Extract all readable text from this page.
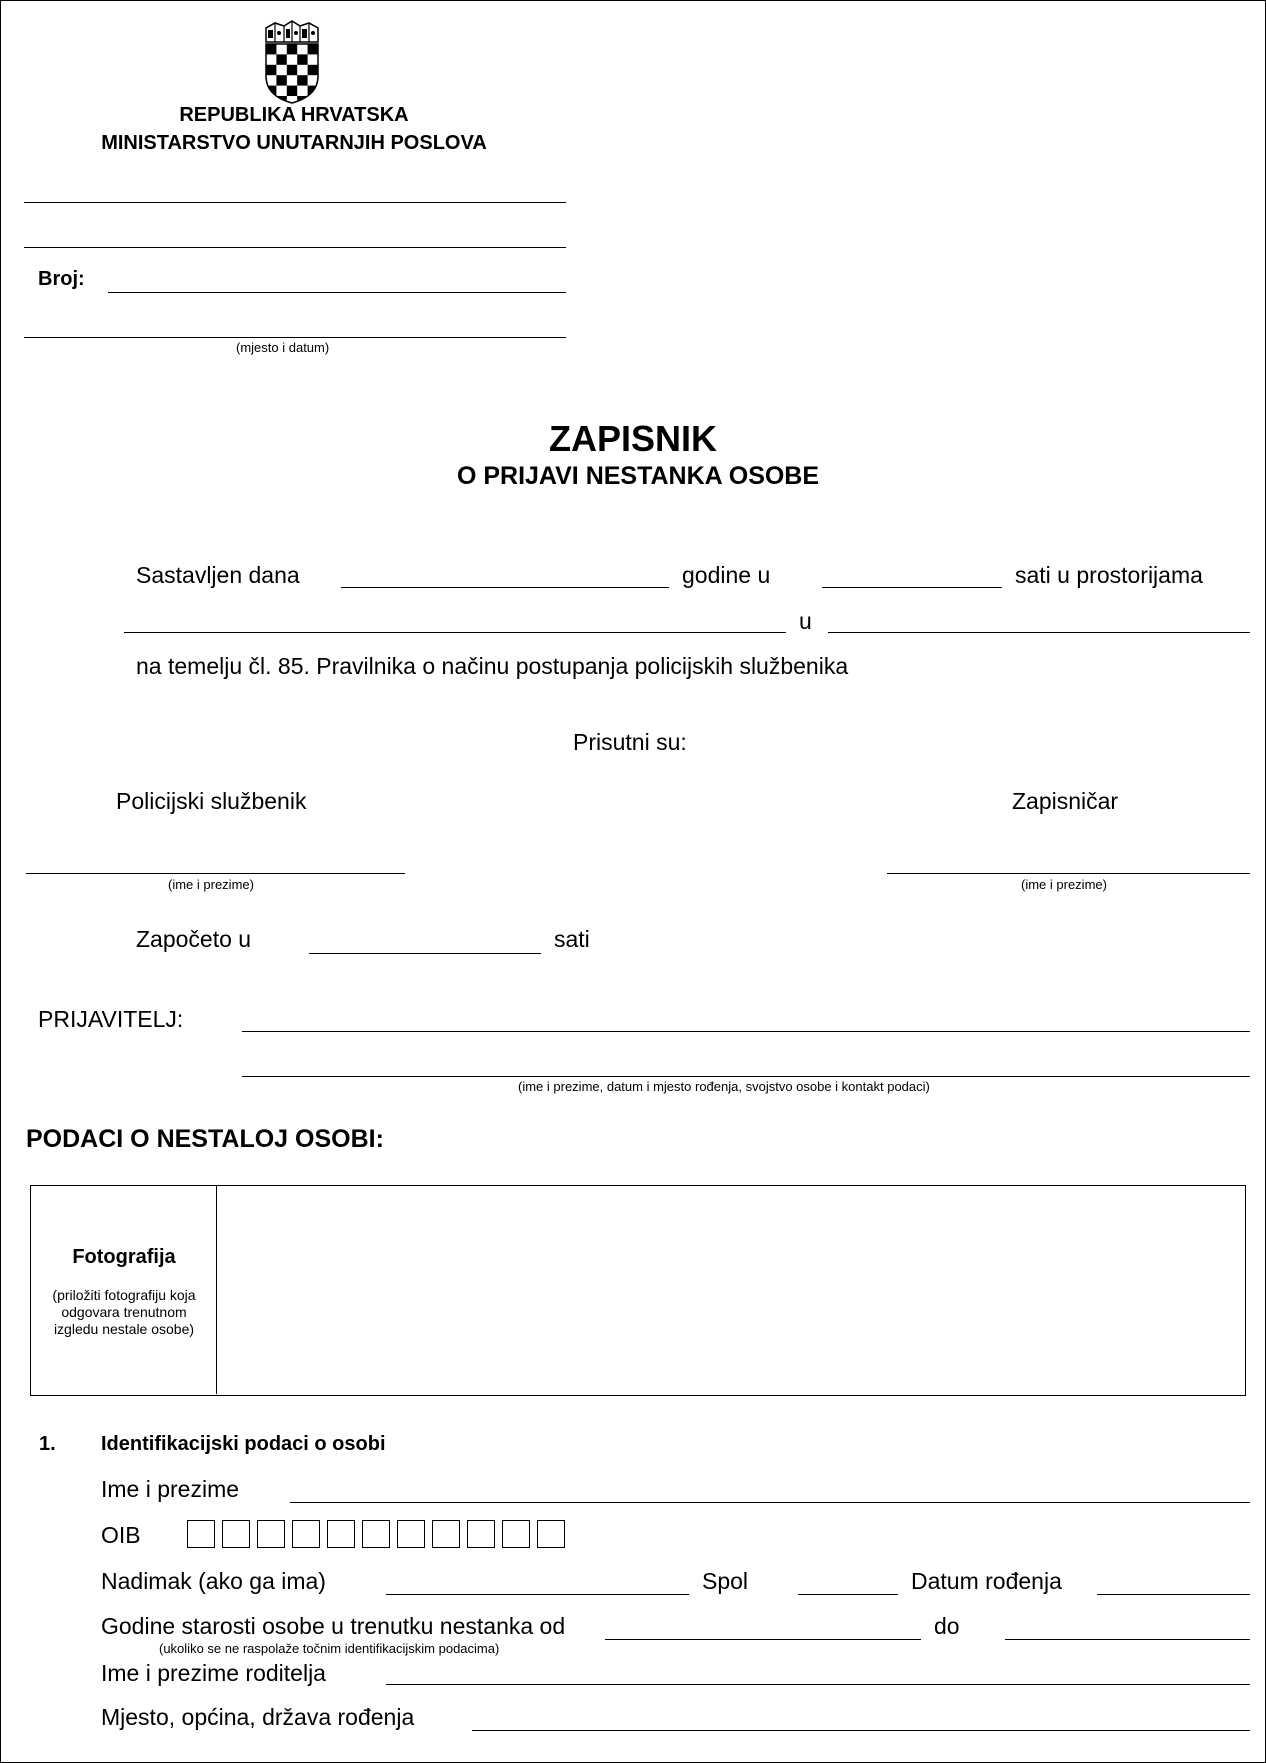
REPUBLIKA HRVATSKA
MINISTARSTVO UNUTARNJIH POSLOVA
Broj:
(mjesto i datum)
ZAPISNIK
O PRIJAVI NESTANKA OSOBE
Sastavljen dana	godine u	sati u prostorijama
u
na temelju čl. 85. Pravilnika o načinu postupanja policijskih službenika
Prisutni su:
Policijski službenik	Zapisničar
(ime i prezime)	(ime i prezime)
Započeto u	sati
PRIJAVITELJ:
(ime i prezime, datum i mjesto rođenja, svojstvo osobe i kontakt podaci)
PODACI O NESTALOJ OSOBI:
Fotografija
(priložiti fotografiju koja
odgovara trenutnom
izgledu nestale osobe)
1. Identifikacijski podaci o osobi
Ime i prezime
OIB
Nadimak (ako ga ima)	Spol	Datum rođenja
Godine starosti osobe u trenutku nestanka od	do
(ukoliko se ne raspolaže točnim identifikacijskim podacima)
Ime i prezime roditelja
Mjesto, općina, država rođenja
